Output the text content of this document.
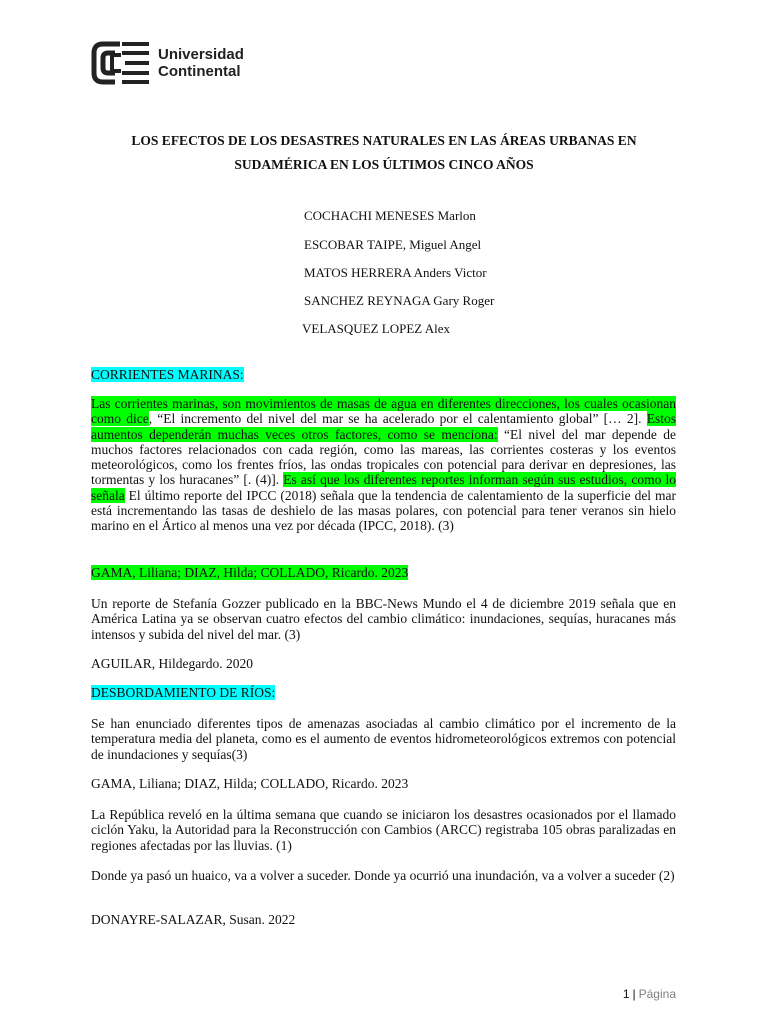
Universidad
Continental
LOS EFECTOS DE LOS DESASTRES NATURALES EN LAS ÁREAS URBANAS EN
SUDAMÉRICA EN LOS ÚLTIMOS CINCO AÑOS
COCHACHI MENESES Marlon
ESCOBAR TAIPE, Miguel Angel
MATOS HERRERA Anders Victor
SANCHEZ REYNAGA Gary Roger
VELASQUEZ LOPEZ Alex
CORRIENTES MARINAS:

Las corrientes marinas, son movimientos de masas de agua en diferentes direcciones, los cuales ocasionan como dice, “El incremento del nivel del mar se ha acelerado por el calentamiento global” [… 2]. Estos aumentos dependerán muchas veces otros factores, como se menciona: “El nivel del mar depende de muchos factores relacionados con cada región, como las mareas, las corrientes costeras y los eventos meteorológicos, como los frentes fríos, las ondas tropicales con potencial para derivar en depresiones, las tormentas y los huracanes” [. (4)]. Es así que los diferentes reportes informan según sus estudios, como lo señala El último reporte del IPCC (2018) señala que la tendencia de calentamiento de la superficie del mar está incrementando las tasas de deshielo de las masas polares, con potencial para tener veranos sin hielo marino en el Ártico al menos una vez por década (IPCC, 2018). (3)

GAMA, Liliana; DIAZ, Hilda; COLLADO, Ricardo. 2023

Un reporte de Stefanía Gozzer publicado en la BBC-News Mundo el 4 de diciembre 2019 señala que en América Latina ya se observan cuatro efectos del cambio climático: inundaciones, sequías, huracanes más intensos y subida del nivel del mar. (3)

AGUILAR, Hildegardo. 2020
DESBORDAMIENTO DE RÍOS:

Se han enunciado diferentes tipos de amenazas asociadas al cambio climático por el incremento de la temperatura media del planeta, como es el aumento de eventos hidrometeorológicos extremos con potencial de inundaciones y sequías(3)

GAMA, Liliana; DIAZ, Hilda; COLLADO, Ricardo. 2023

La República reveló en la última semana que cuando se iniciaron los desastres ocasionados por el llamado ciclón Yaku, la Autoridad para la Reconstrucción con Cambios (ARCC) registraba 105 obras paralizadas en regiones afectadas por las lluvias. (1)

Donde ya pasó un huaico, va a volver a suceder. Donde ya ocurrió una inundación, va a volver a suceder (2)

DONAYRE-SALAZAR, Susan. 2022
1 | Página
